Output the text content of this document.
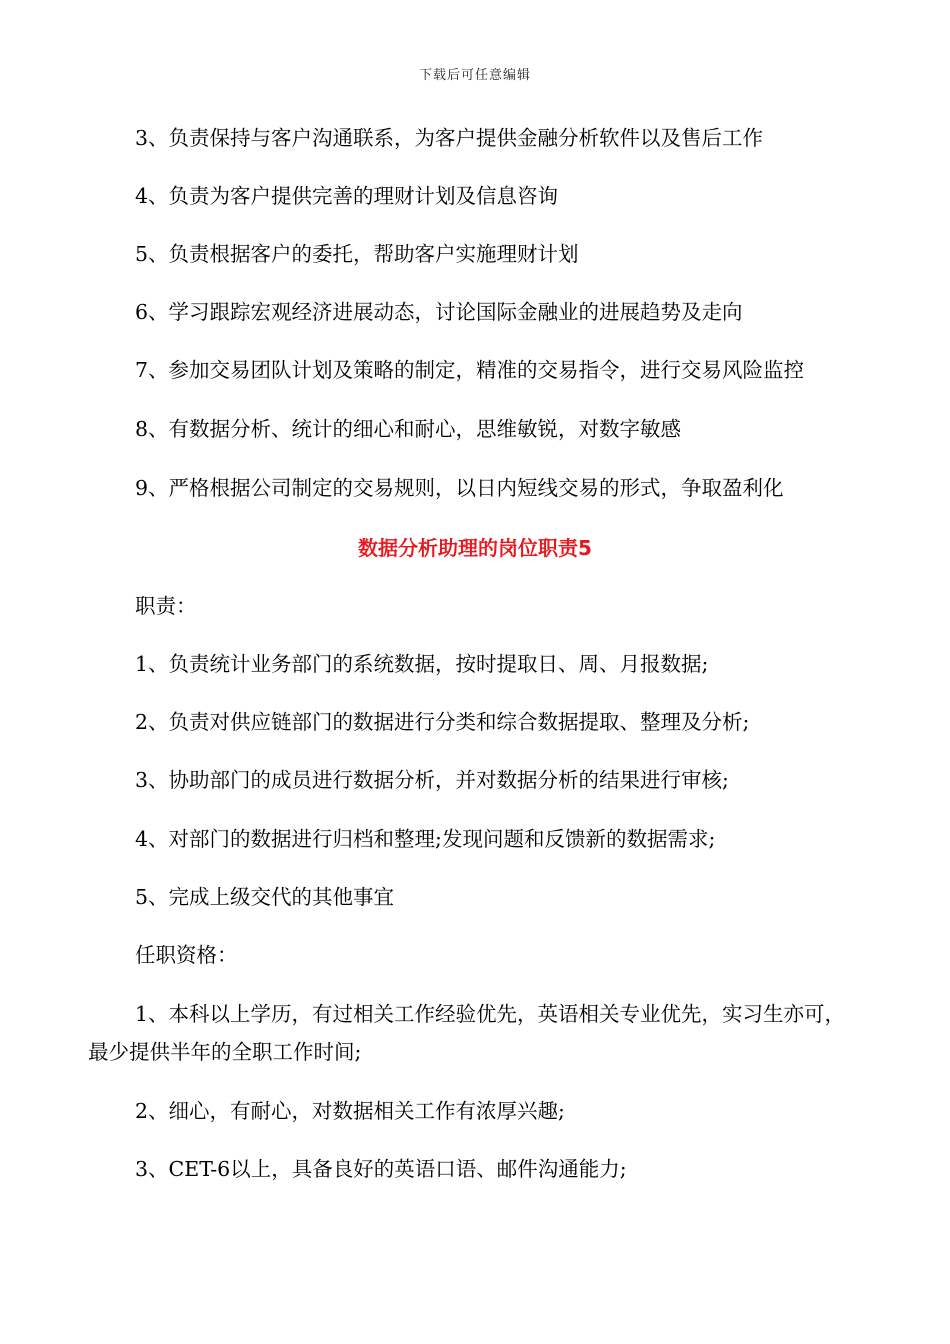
下载后可任意编辑
3、负责保持与客户沟通联系，为客户提供金融分析软件以及售后工作
4、负责为客户提供完善的理财计划及信息咨询
5、负责根据客户的委托，帮助客户实施理财计划
6、学习跟踪宏观经济进展动态，讨论国际金融业的进展趋势及走向
7、参加交易团队计划及策略的制定，精准的交易指令，进行交易风险监控
8、有数据分析、统计的细心和耐心，思维敏锐，对数字敏感
9、严格根据公司制定的交易规则，以日内短线交易的形式，争取盈利化
数据分析助理的岗位职责5
职责：
1、负责统计业务部门的系统数据，按时提取日、周、月报数据;
2、负责对供应链部门的数据进行分类和综合数据提取、整理及分析;
3、协助部门的成员进行数据分析，并对数据分析的结果进行审核;
4、对部门的数据进行归档和整理;发现问题和反馈新的数据需求;
5、完成上级交代的其他事宜
任职资格：
1、本科以上学历，有过相关工作经验优先，英语相关专业优先，实习生亦可，最少提供半年的全职工作时间;
2、细心，有耐心，对数据相关工作有浓厚兴趣;
3、CET-6以上，具备良好的英语口语、邮件沟通能力;
